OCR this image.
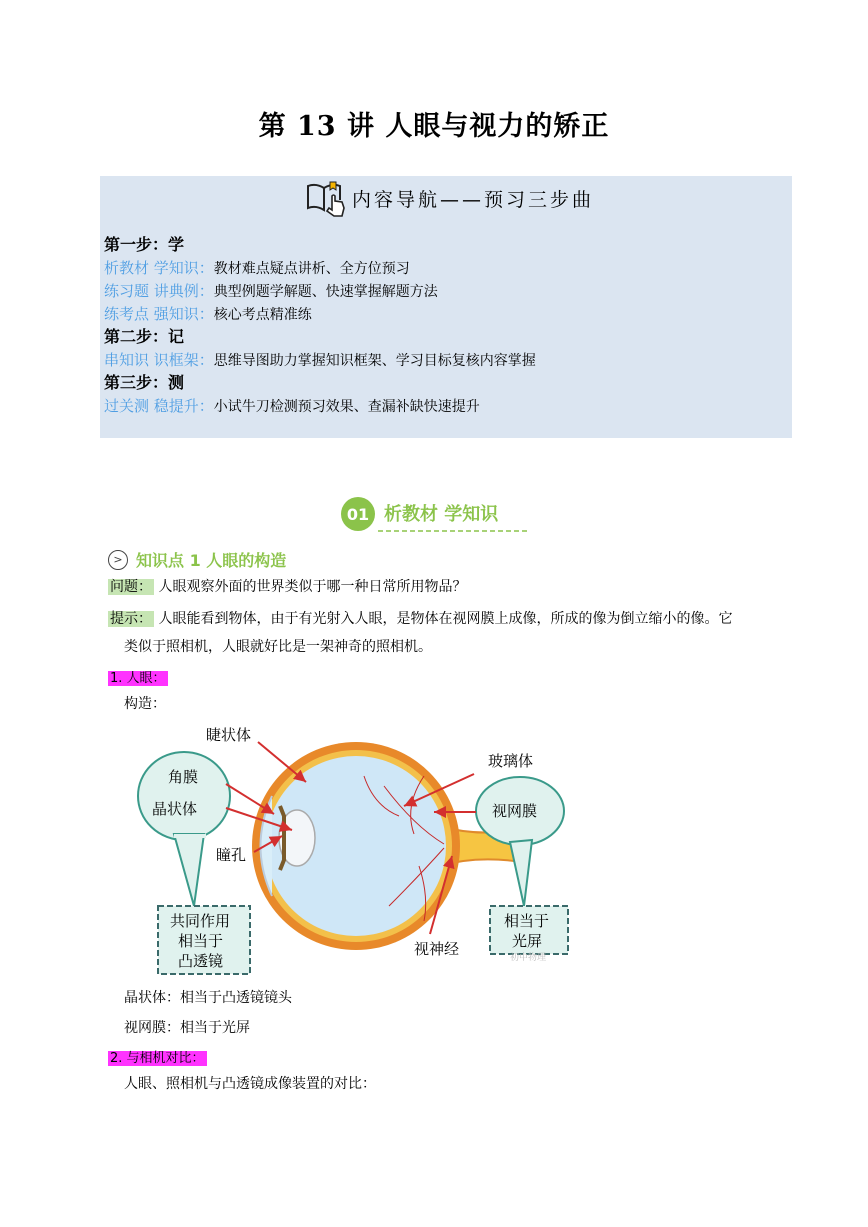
第 13 讲 人眼与视力的矫正
内容导航——预习三步曲
第一步：学
析教材 学知识：教材难点疑点讲析、全方位预习
练习题 讲典例：典型例题学解题、快速掌握解题方法
练考点 强知识：核心考点精准练
第二步：记
串知识 识框架：思维导图助力掌握知识框架、学习目标复核内容掌握
第三步：测
过关测 稳提升：小试牛刀检测预习效果、查漏补缺快速提升
01 析教材 学知识
> 知识点 1 人眼的构造
问题： 人眼观察外面的世界类似于哪一种日常所用物品？
提示： 人眼能看到物体，由于有光射入人眼，是物体在视网膜上成像，所成的像为倒立缩小的像。它
类似于照相机，人眼就好比是一架神奇的照相机。
1. 人眼：
构造：
睫状体
角膜
晶状体
瞳孔
玻璃体
视网膜
视神经
共同作用
相当于
凸透镜
相当于
光屏
初中物理
晶状体：相当于凸透镜镜头
视网膜：相当于光屏
2. 与相机对比：
人眼、照相机与凸透镜成像装置的对比：
